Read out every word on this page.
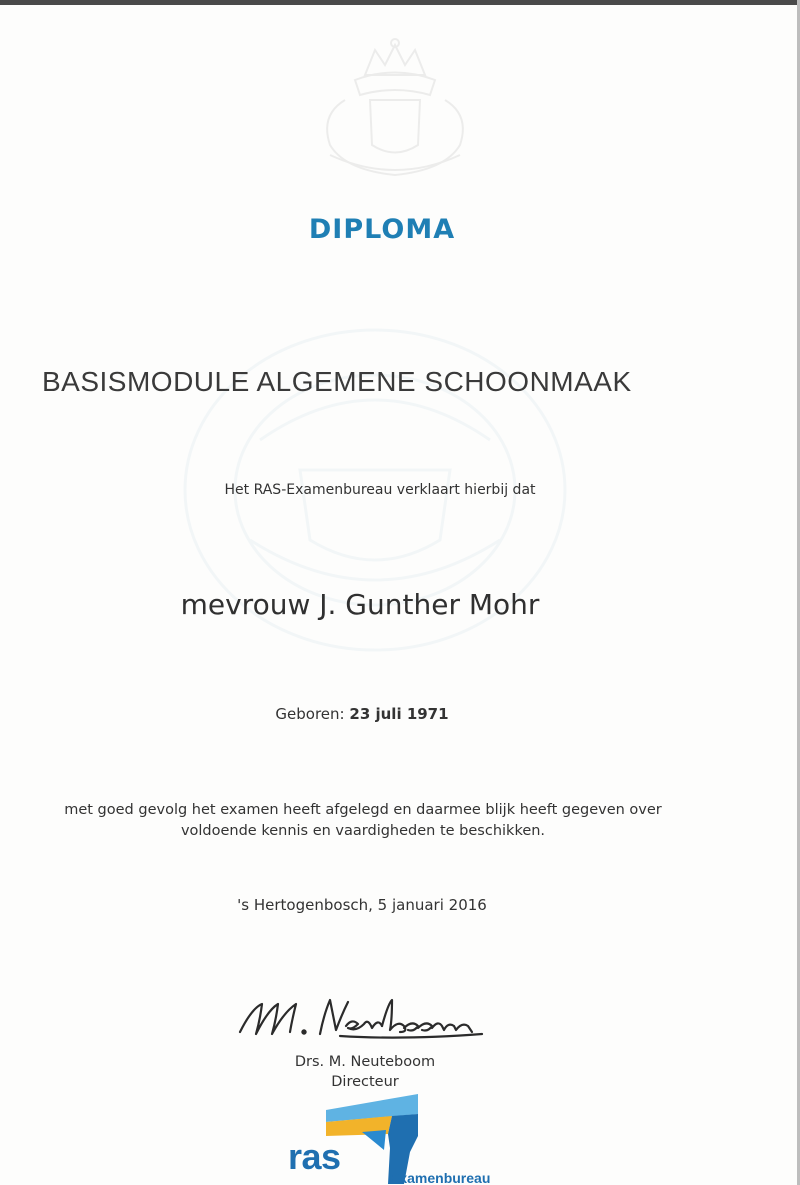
DIPLOMA

BASISMODULE ALGEMENE SCHOONMAAK

Het RAS-Examenbureau verklaart hierbij dat

mevrouw J. Gunther Mohr

Geboren: 23 juli 1971

met goed gevolg het examen heeft afgelegd en daarmee blijk heeft gegeven over
voldoende kennis en vaardigheden te beschikken.

's Hertogenbosch, 5 januari 2016

Drs. M. Neuteboom
Directeur

ras

Examenbureau
